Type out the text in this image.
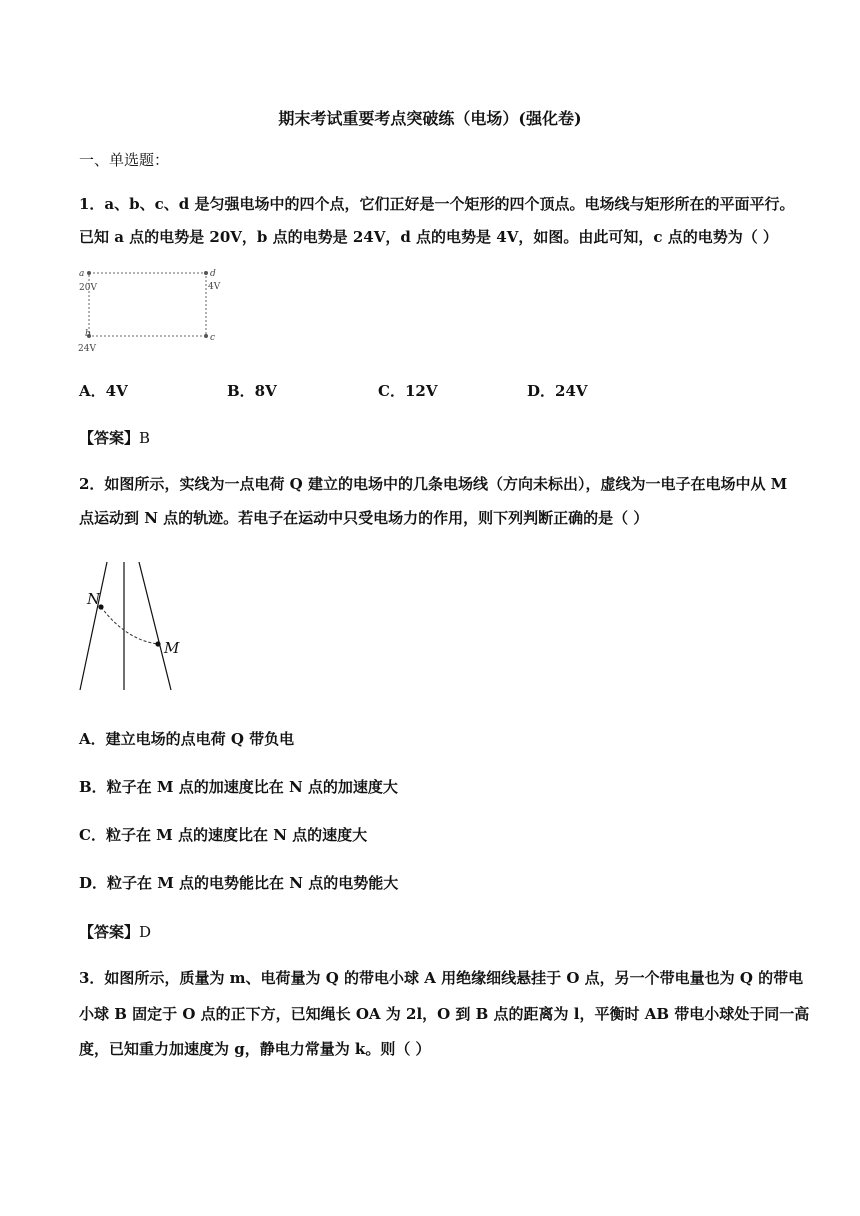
期末考试重要考点突破练（电场）(强化卷)
一、单选题：
1．a、b、c、d 是匀强电场中的四个点，它们正好是一个矩形的四个顶点。电场线与矩形所在的平面平行。
已知 a 点的电势是 20V，b 点的电势是 24V，d 点的电势是 4V，如图。由此可知，c 点的电势为（ ）
a
20V
d
4V
b
24V
c
A．4V	B．8V	C．12V	D．24V
【答案】B
2．如图所示，实线为一点电荷 Q 建立的电场中的几条电场线（方向未标出），虚线为一电子在电场中从 M
点运动到 N 点的轨迹。若电子在运动中只受电场力的作用，则下列判断正确的是（ ）
N
M
A．建立电场的点电荷 Q 带负电
B．粒子在 M 点的加速度比在 N 点的加速度大
C．粒子在 M 点的速度比在 N 点的速度大
D．粒子在 M 点的电势能比在 N 点的电势能大
【答案】D
3．如图所示，质量为 m、电荷量为 Q 的带电小球 A 用绝缘细线悬挂于 O 点，另一个带电量也为 Q 的带电
小球 B 固定于 O 点的正下方，已知绳长 OA 为 2l，O 到 B 点的距离为 l，平衡时 AB 带电小球处于同一高
度，已知重力加速度为 g，静电力常量为 k。则（ ）
